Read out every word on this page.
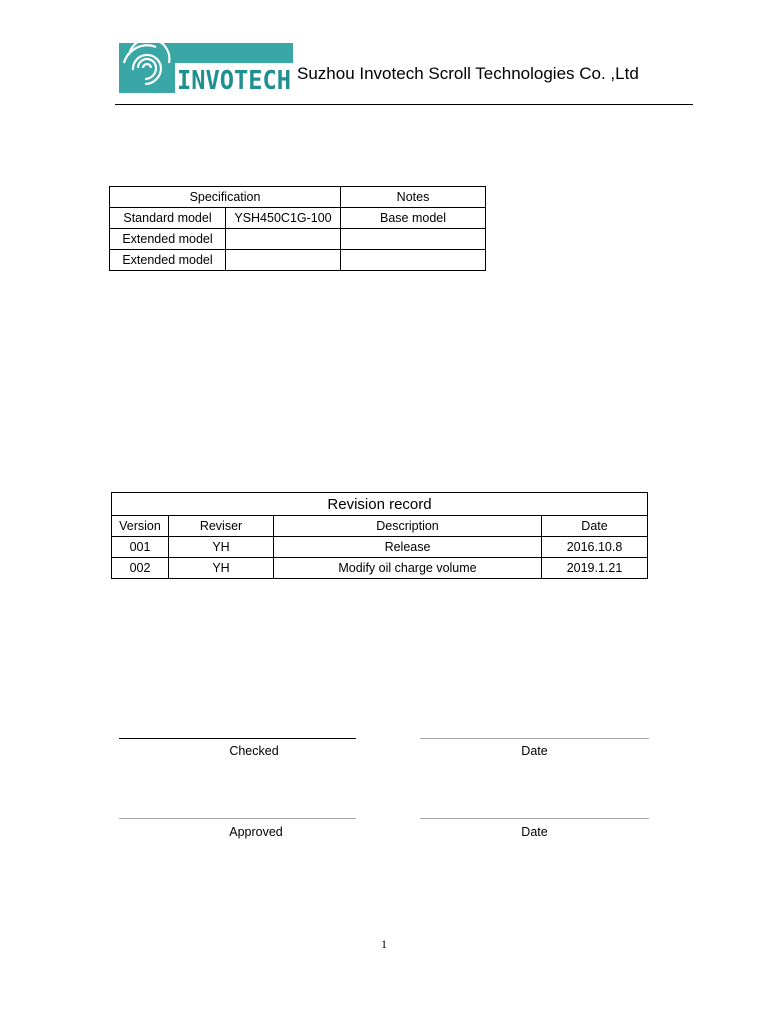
INVOTECH Suzhou Invotech Scroll Technologies Co. ,Ltd
Specification		Notes
Standard model	YSH450C1G-100	Base model
Extended model		
Extended model		
Revision record			
Version	Reviser	Description	Date
001	YH	Release	2016.10.8
002	YH	Modify oil charge volume	2019.1.21
Checked	Date
Approved	Date
1
